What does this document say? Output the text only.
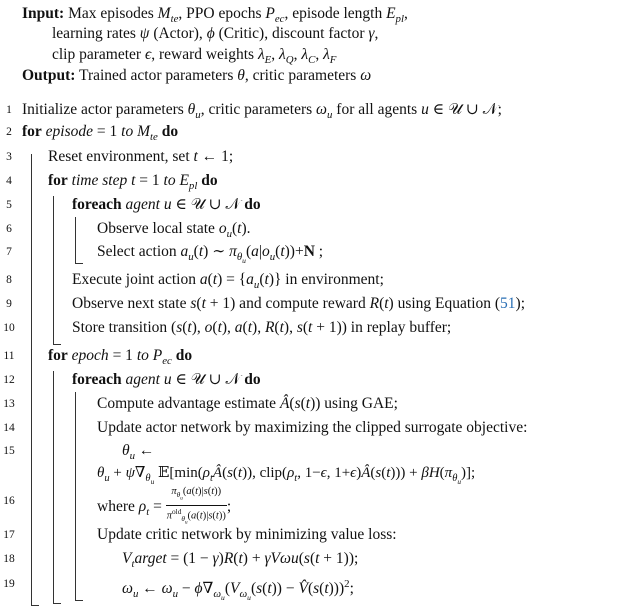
Input: Max episodes $M_{te}$, PPO epochs $P_{ec}$, episode length $E_{pl}$,
learning rates ψ (Actor), ϕ (Critic), discount factor γ,
clip parameter ϵ, reward weights $\lambda_E$, $\lambda_Q$, $\lambda_C$, $\lambda_F$
Output: Trained actor parameters θ, critic parameters ω
1 Initialize actor parameters $\theta_u$, critic parameters $\omega_u$ for all agents u ∈ 𝒰 ∪ 𝒩;
2 for episode = 1 to $M_{te}$ do
3 Reset environment, set t ← 1;
4 for time step t = 1 to $E_{pl}$ do
5	foreach agent u ∈ 𝒰 ∪ 𝒩 do
6	Observe local state $o_u(t)$.
7	Select action $a_u(t)$ ∼ $\pi_{\theta_u}(a|o_u(t))+N$ ;
8	Execute joint action $a(t) = \{a_u(t)\}$ in environment;
9	Observe next state s(t + 1) and compute reward R(t) using Equation (51);
10	Store transition (s(t), o(t), a(t), R(t), s(t + 1)) in replay buffer;
11 for epoch = 1 to $P_{ec}$ do
12	foreach agent u ∈ 𝒰 ∪ 𝒩 do
13	Compute advantage estimate Â(s(t)) using GAE;
14	Update actor network by maximizing the clipped surrogate objective:
15	$\theta_u$ ←
$\theta_u + \psi\nabla_{\theta_u}$ $𝔼[\min(\rho_tÂ(s(t))$, $clip(\rho_t$, 1−ϵ, 1+ϵ)Â(s(t))) + $\beta H(\pi_{\theta_u})$];
16	where $\rho_t = \frac{\pi_{\theta_u}(a(t)|s(t))}{\pi^{old}_{\theta_u}(a(t)|s(t))}$ ;
17	Update critic network by minimizing value loss:
18	$V_target = (1 - \gamma)R(t) + \gamma V\omega u(s(t + 1))$;
19	$\omega_u$ ← $\omega_u - \phi\nabla_{\omega_u}(V_{\omega_u}(s(t))$ − V̂(s(t)))$^2$;
